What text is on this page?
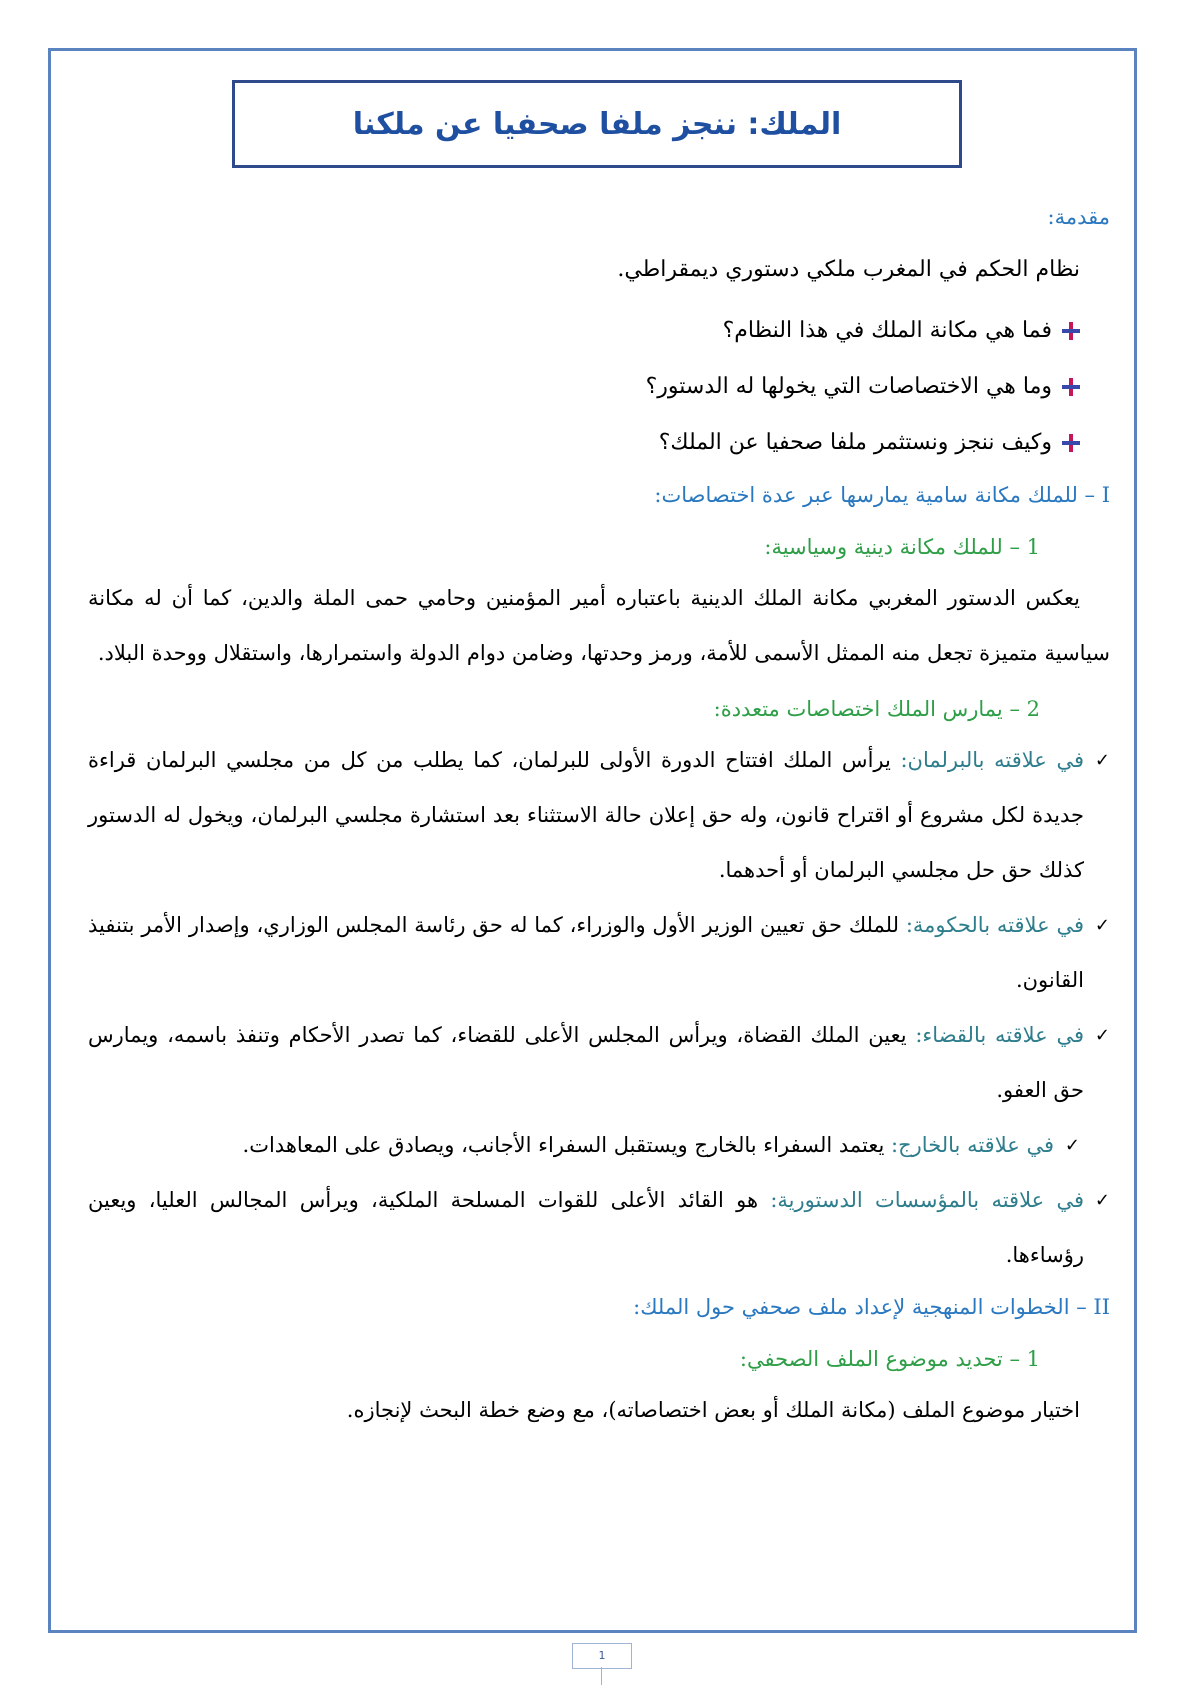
الملك: ننجز ملفا صحفيا عن ملكنا

مقدمة:

نظام الحكم في المغرب ملكي دستوري ديمقراطي.

فما هي مكانة الملك في هذا النظام؟
وما هي الاختصاصات التي يخولها له الدستور؟
وكيف ننجز ونستثمر ملفا صحفيا عن الملك؟

I – للملك مكانة سامية يمارسها عبر عدة اختصاصات:

1 – للملك مكانة دينية وسياسية:

يعكس الدستور المغربي مكانة الملك الدينية باعتباره أمير المؤمنين وحامي حمى الملة والدين، كما أن له مكانة سياسية متميزة تجعل منه الممثل الأسمى للأمة، ورمز وحدتها، وضامن دوام الدولة واستمرارها، واستقلال ووحدة البلاد.

2 – يمارس الملك اختصاصات متعددة:

✓
في علاقته بالبرلمان: يرأس الملك افتتاح الدورة الأولى للبرلمان، كما يطلب من كل من مجلسي البرلمان قراءة جديدة لكل مشروع أو اقتراح قانون، وله حق إعلان حالة الاستثناء بعد استشارة مجلسي البرلمان، ويخول له الدستور كذلك حق حل مجلسي البرلمان أو أحدهما.
✓
في علاقته بالحكومة: للملك حق تعيين الوزير الأول والوزراء، كما له حق رئاسة المجلس الوزاري، وإصدار الأمر بتنفيذ القانون.
✓
في علاقته بالقضاء: يعين الملك القضاة، ويرأس المجلس الأعلى للقضاء، كما تصدر الأحكام وتنفذ باسمه، ويمارس حق العفو.
✓
في علاقته بالخارج: يعتمد السفراء بالخارج ويستقبل السفراء الأجانب، ويصادق على المعاهدات.
✓
في علاقته بالمؤسسات الدستورية: هو القائد الأعلى للقوات المسلحة الملكية، ويرأس المجالس العليا، ويعين رؤساءها.

II – الخطوات المنهجية لإعداد ملف صحفي حول الملك:

1 – تحديد موضوع الملف الصحفي:

اختيار موضوع الملف (مكانة الملك أو بعض اختصاصاته)، مع وضع خطة البحث لإنجازه.

1
